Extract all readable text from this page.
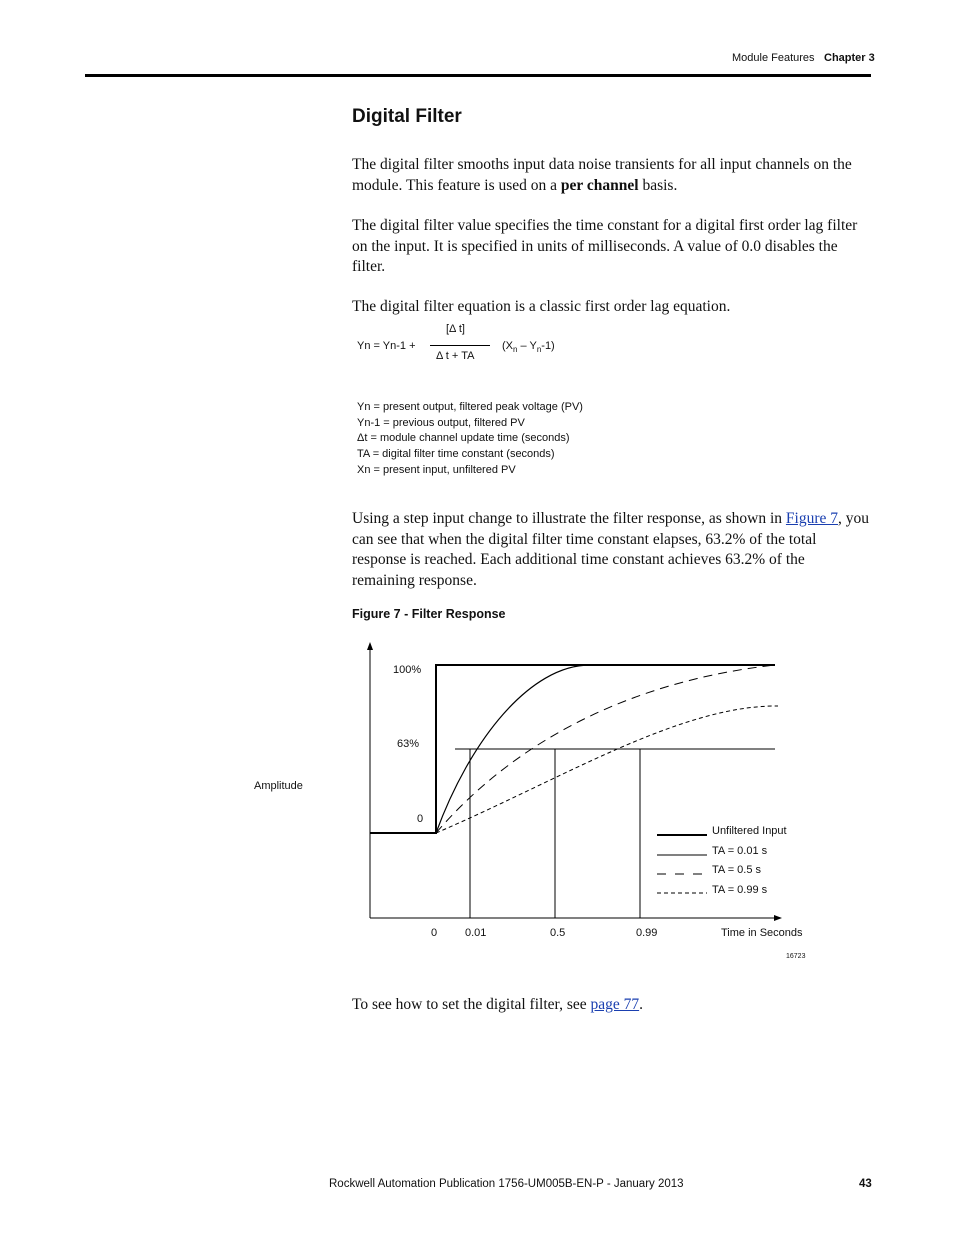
Module Features Chapter 3
Digital Filter

The digital filter smooths input data noise transients for all input channels on the module. This feature is used on a per channel basis.

The digital filter value specifies the time constant for a digital first order lag filter on the input. It is specified in units of milliseconds. A value of 0.0 disables the filter.

The digital filter equation is a classic first order lag equation.

Yn = Yn-1 +
[Δ t]
Δ t + TA
$(X_n - Y_n-1)$
Yn = present output, filtered peak voltage (PV)
Yn-1 = previous output, filtered PV
Δt = module channel update time (seconds)
TA = digital filter time constant (seconds)
Xn = present input, unfiltered PV

Using a step input change to illustrate the filter response, as shown in Figure 7, you can see that when the digital filter time constant elapses, 63.2% of the total response is reached. Each additional time constant achieves 63.2% of the remaining response.

Figure 7 - Filter Response
100%
63%
0
Amplitude
0	0.01	0.5	0.99	Time in Seconds
Unfiltered Input
TA = 0.01 s
TA = 0.5 s
TA = 0.99 s
16723

To see how to set the digital filter, see page 77.

Rockwell Automation Publication 1756-UM005B-EN-P - January 2013	43
